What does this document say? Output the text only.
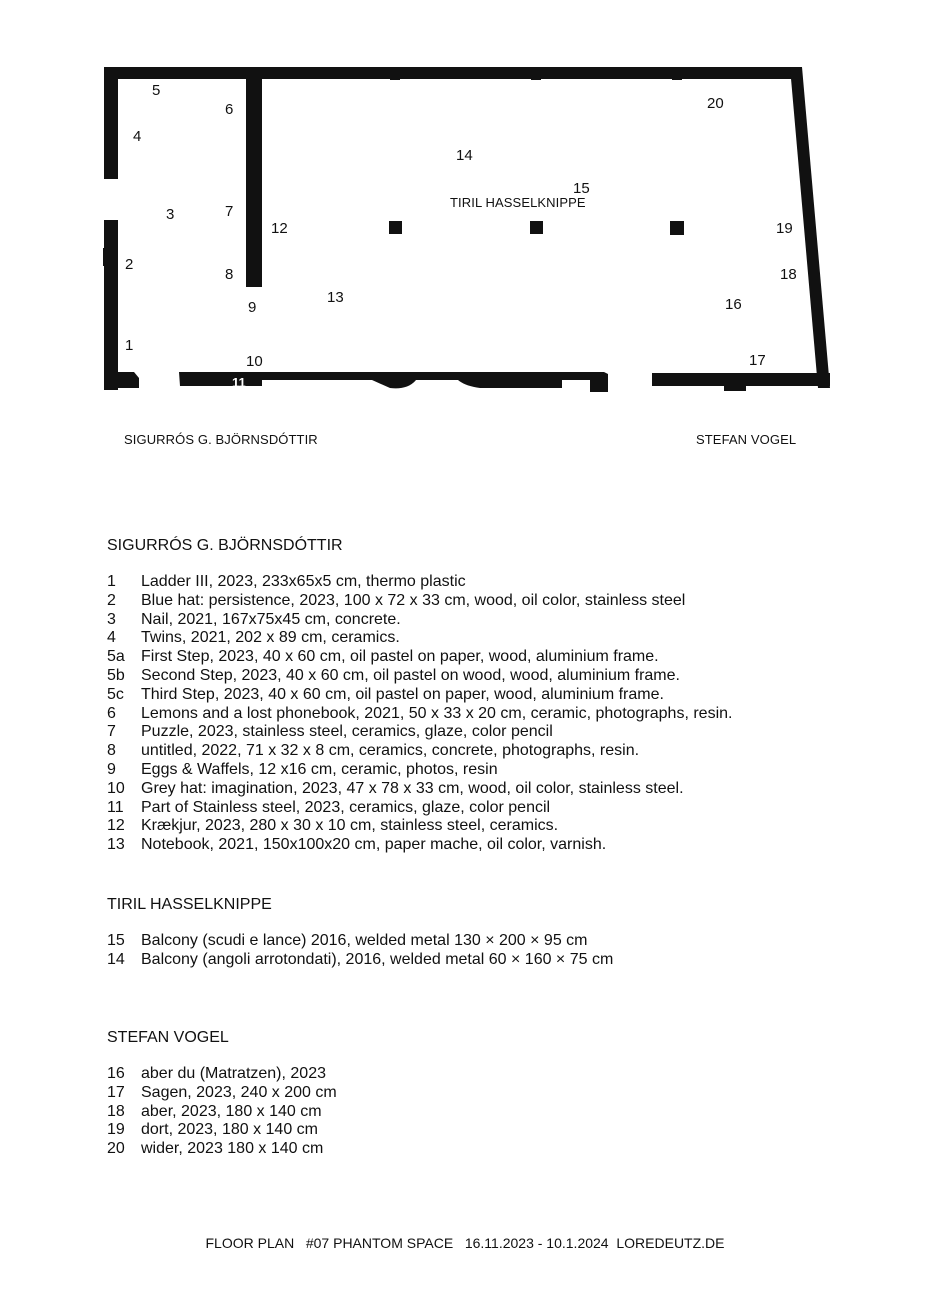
1
2
3
4
5
6
7
8
9
10
11
12
13
14
15
16
17
18
19
20
TIRIL HASSELKNIPPE
SIGURRÓS G. BJÖRNSDÓTTIR	STEFAN VOGEL
SIGURRÓS G. BJÖRNSDÓTTIR
1	Ladder III, 2023, 233x65x5 cm, thermo plastic
2	Blue hat: persistence, 2023, 100 x 72 x 33 cm, wood, oil color, stainless steel
3	Nail, 2021, 167x75x45 cm, concrete.
4	Twins, 2021, 202 x 89 cm, ceramics.
5a	First Step, 2023, 40 x 60 cm, oil pastel on paper, wood, aluminium frame.
5b	Second Step, 2023, 40 x 60 cm, oil pastel on wood, wood, aluminium frame.
5c	Third Step, 2023, 40 x 60 cm, oil pastel on paper, wood, aluminium frame.
6	Lemons and a lost phonebook, 2021, 50 x 33 x 20 cm, ceramic, photographs, resin.
7	Puzzle, 2023, stainless steel, ceramics, glaze, color pencil
8	untitled, 2022, 71 x 32 x 8 cm, ceramics, concrete, photographs, resin.
9	Eggs & Waffels, 12 x16 cm, ceramic, photos, resin
10	Grey hat: imagination, 2023, 47 x 78 x 33 cm, wood, oil color, stainless steel.
11	Part of Stainless steel, 2023, ceramics, glaze, color pencil
12	Krækjur, 2023, 280 x 30 x 10 cm, stainless steel, ceramics.
13	Notebook, 2021, 150x100x20 cm, paper mache, oil color, varnish.
TIRIL HASSELKNIPPE
15	Balcony (scudi e lance) 2016, welded metal 130 × 200 × 95 cm
14	Balcony (angoli arrotondati), 2016, welded metal 60 × 160 × 75 cm
STEFAN VOGEL
16	aber du (Matratzen), 2023
17	Sagen, 2023, 240 x 200 cm
18	aber, 2023, 180 x 140 cm
19	dort, 2023, 180 x 140 cm
20	wider, 2023 180 x 140 cm
FLOOR PLAN   #07 PHANTOM SPACE   16.11.2023 - 10.1.2024  LOREDEUTZ.DE
